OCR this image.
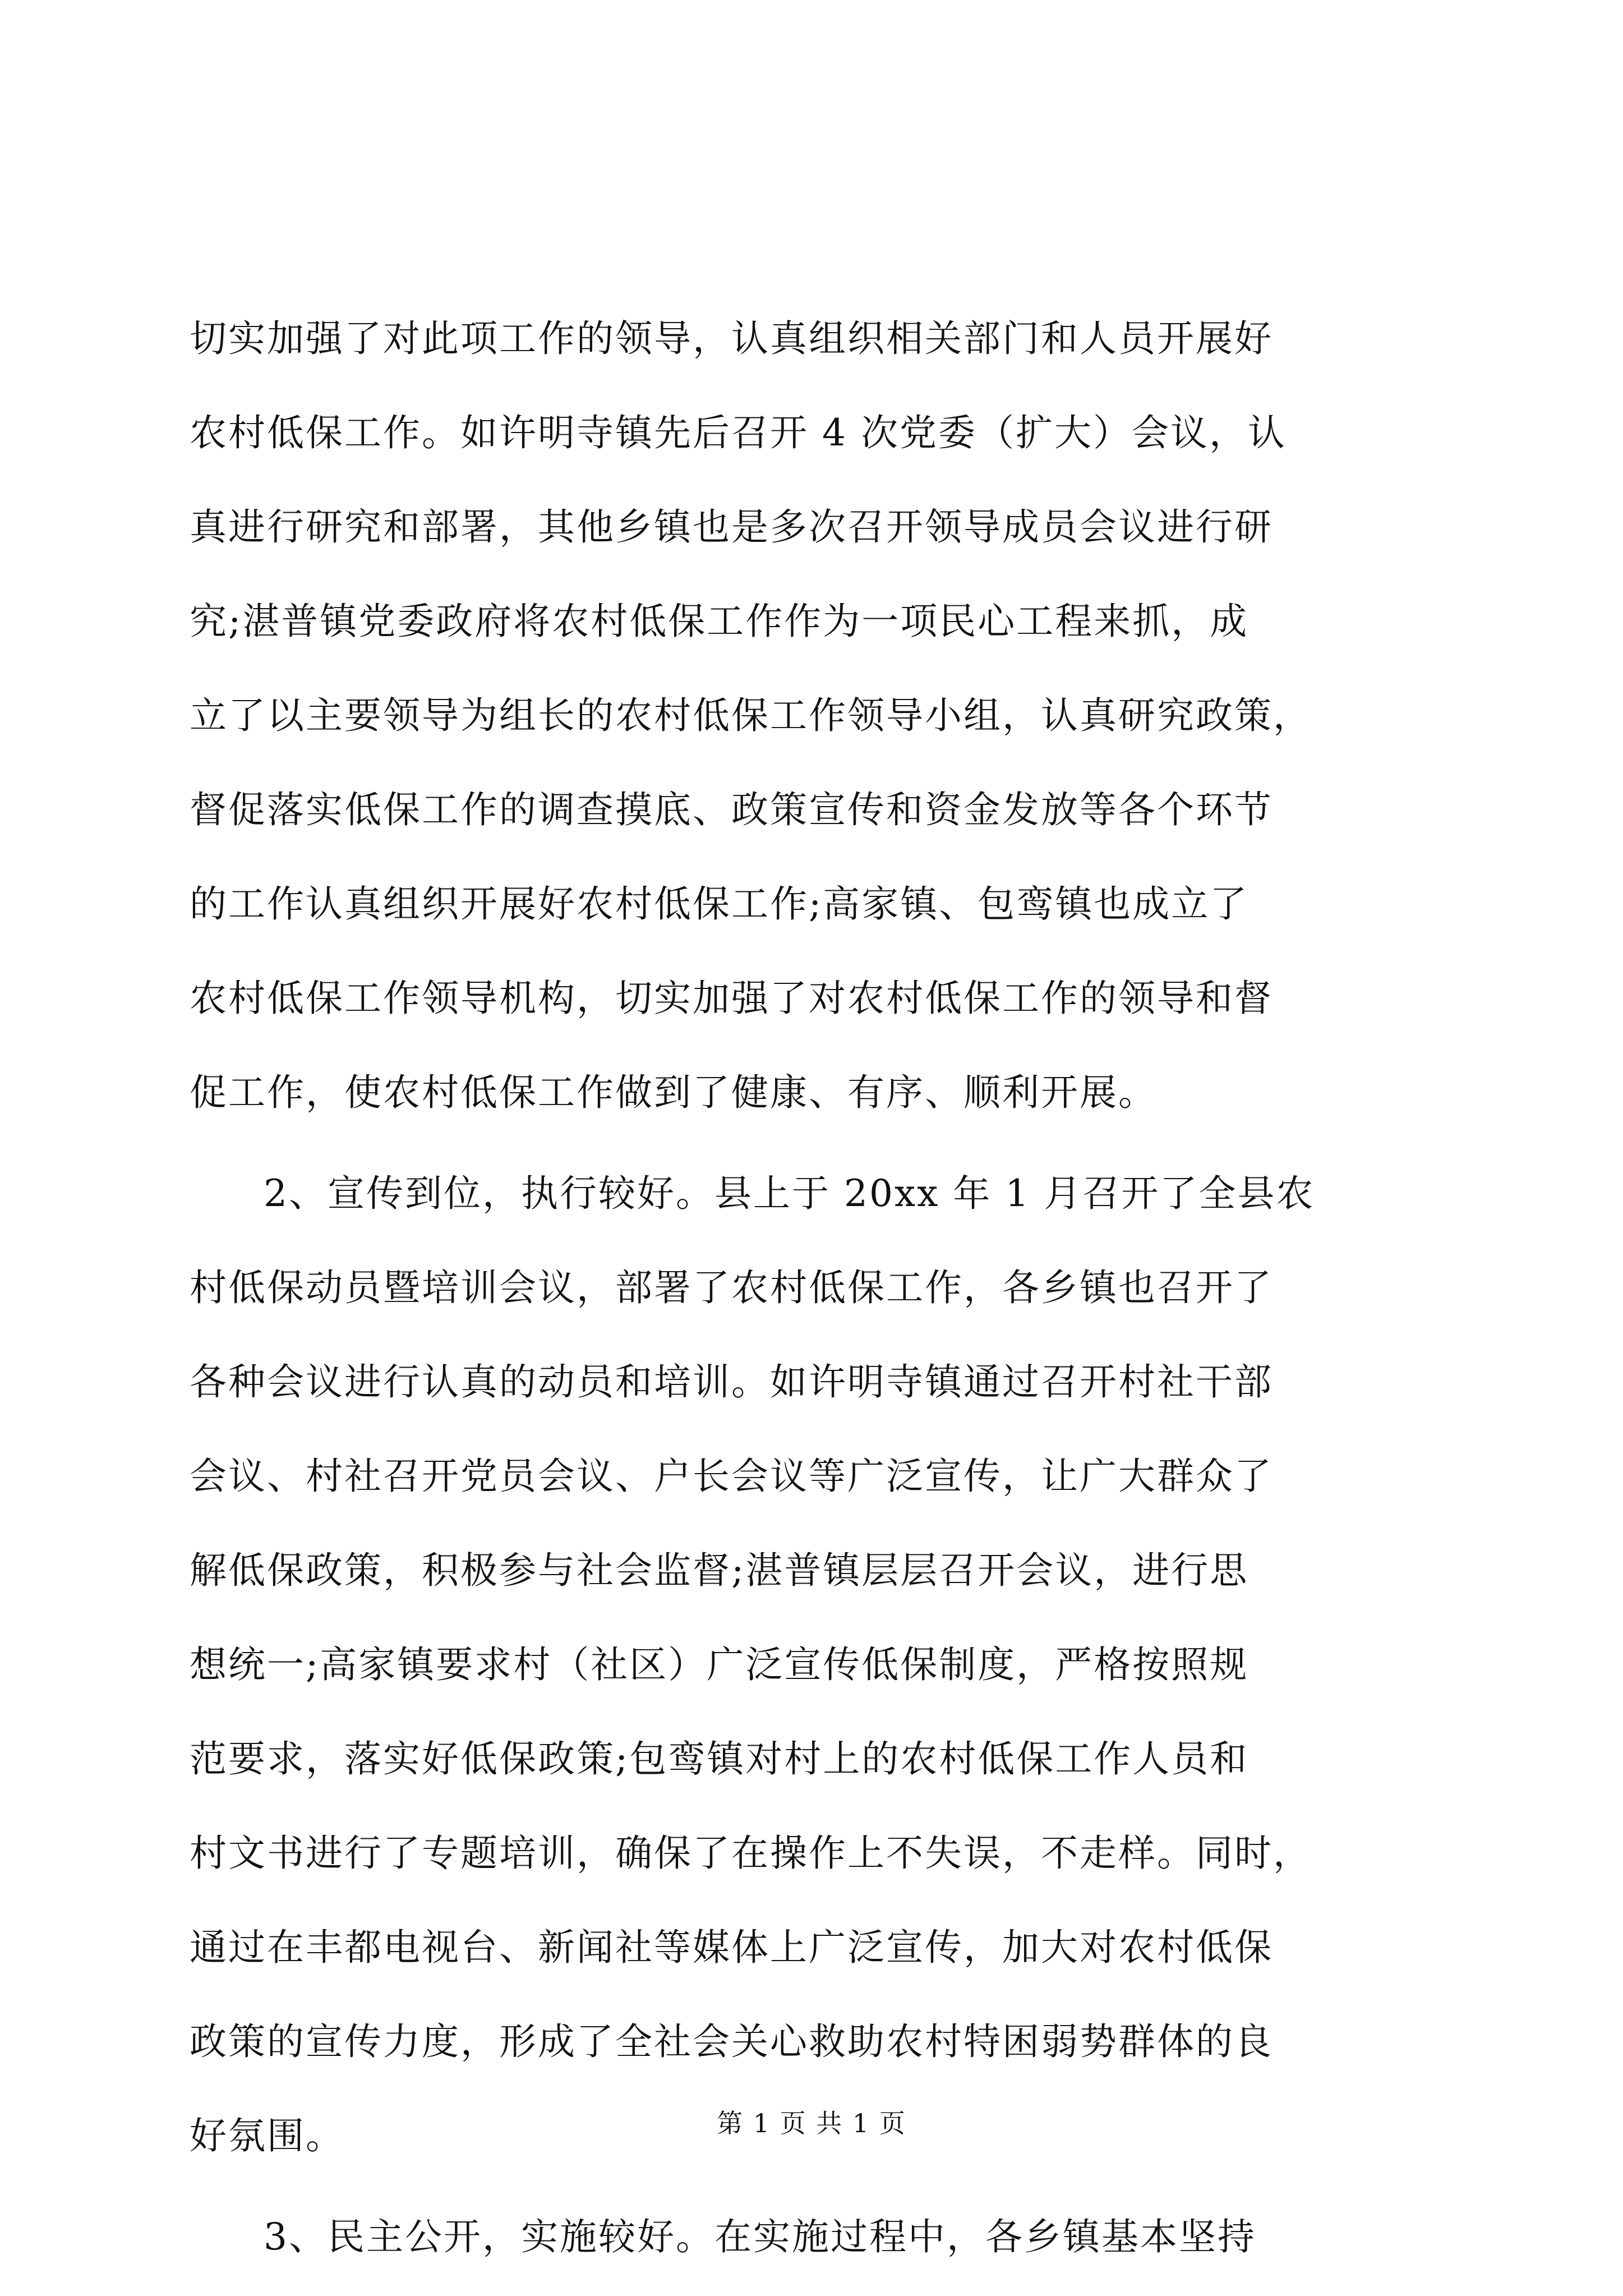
切实加强了对此项工作的领导，认真组织相关部门和人员开展好
农村低保工作。如许明寺镇先后召开 4 次党委（扩大）会议，认
真进行研究和部署，其他乡镇也是多次召开领导成员会议进行研
究;湛普镇党委政府将农村低保工作作为一项民心工程来抓，成
立了以主要领导为组长的农村低保工作领导小组，认真研究政策，
督促落实低保工作的调查摸底、政策宣传和资金发放等各个环节
的工作认真组织开展好农村低保工作;高家镇、包鸾镇也成立了
农村低保工作领导机构，切实加强了对农村低保工作的领导和督
促工作，使农村低保工作做到了健康、有序、顺利开展。
2、宣传到位，执行较好。县上于 20xx 年 1 月召开了全县农
村低保动员暨培训会议，部署了农村低保工作，各乡镇也召开了
各种会议进行认真的动员和培训。如许明寺镇通过召开村社干部
会议、村社召开党员会议、户长会议等广泛宣传，让广大群众了
解低保政策，积极参与社会监督;湛普镇层层召开会议，进行思
想统一;高家镇要求村（社区）广泛宣传低保制度，严格按照规
范要求，落实好低保政策;包鸾镇对村上的农村低保工作人员和
村文书进行了专题培训，确保了在操作上不失误，不走样。同时，
通过在丰都电视台、新闻社等媒体上广泛宣传，加大对农村低保
政策的宣传力度，形成了全社会关心救助农村特困弱势群体的良
好氛围。
3、民主公开，实施较好。在实施过程中，各乡镇基本坚持
第 1 页 共 1 页
